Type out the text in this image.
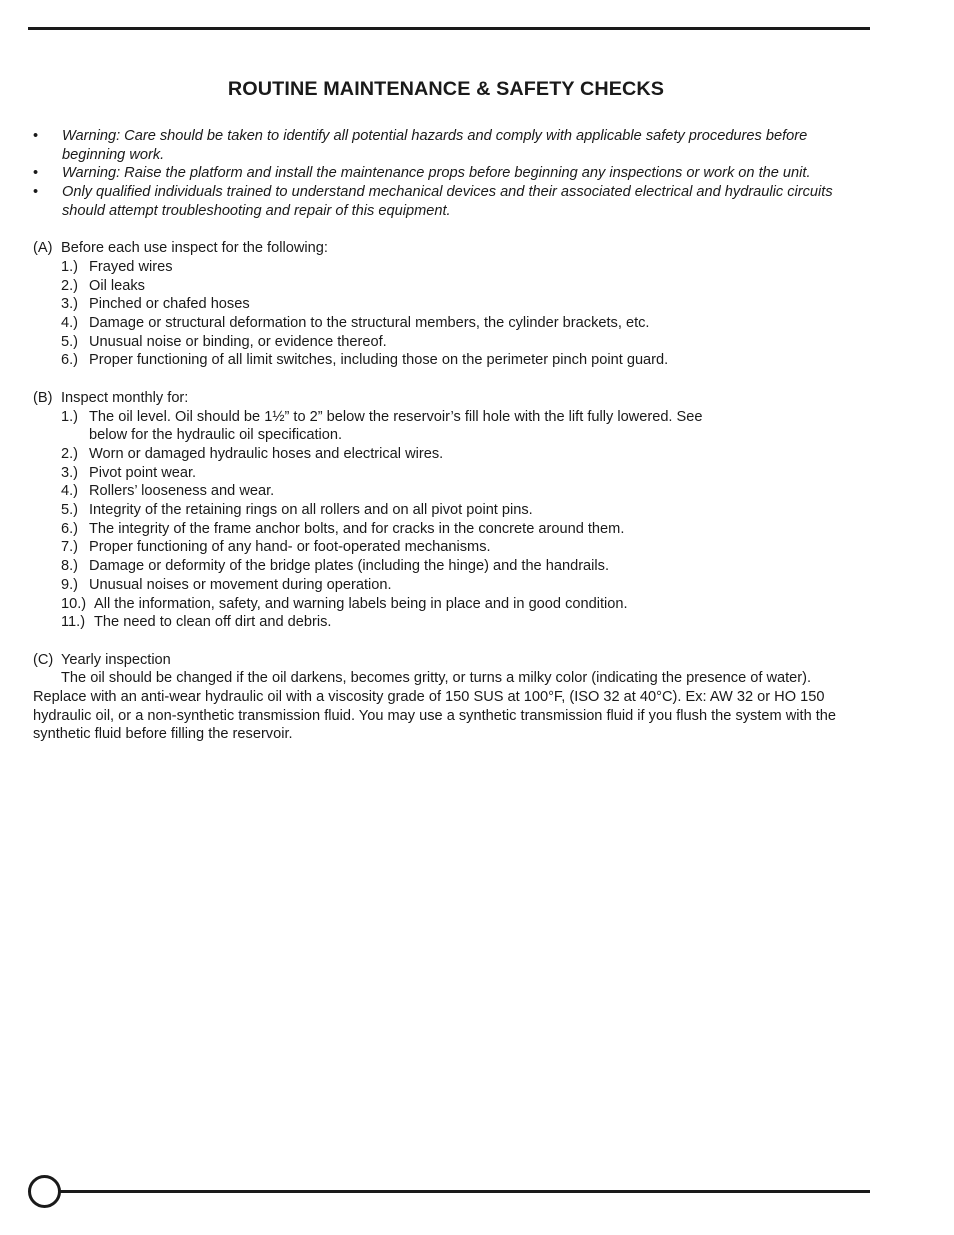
ROUTINE MAINTENANCE & SAFETY CHECKS
• Warning: Care should be taken to identify all potential hazards and comply with applicable safety procedures before beginning work.
• Warning: Raise the platform and install the maintenance props before beginning any inspections or work on the unit.
• Only qualified individuals trained to understand mechanical devices and their associated electrical and hydraulic circuits should attempt troubleshooting and repair of this equipment.
(A) Before each use inspect for the following:
1.) Frayed wires
2.) Oil leaks
3.) Pinched or chafed hoses
4.) Damage or structural deformation to the structural members, the cylinder brackets, etc.
5.) Unusual noise or binding, or evidence thereof.
6.) Proper functioning of all limit switches, including those on the perimeter pinch point guard.
(B) Inspect monthly for:
1.) The oil level. Oil should be 1½” to 2” below the reservoir’s fill hole with the lift fully lowered. See below for the hydraulic oil specification.
2.) Worn or damaged hydraulic hoses and electrical wires.
3.) Pivot point wear.
4.) Rollers’ looseness and wear.
5.) Integrity of the retaining rings on all rollers and on all pivot point pins.
6.) The integrity of the frame anchor bolts, and for cracks in the concrete around them.
7.) Proper functioning of any hand- or foot-operated mechanisms.
8.) Damage or deformity of the bridge plates (including the hinge) and the handrails.
9.) Unusual noises or movement during operation.
10.) All the information, safety, and warning labels being in place and in good condition.
11.) The need to clean off dirt and debris.
(C) Yearly inspection

The oil should be changed if the oil darkens, becomes gritty, or turns a milky color (indicating the presence of water). Replace with an anti-wear hydraulic oil with a viscosity grade of 150 SUS at 100°F, (ISO 32 at 40°C). Ex: AW 32 or HO 150 hydraulic oil, or a non-synthetic transmission fluid. You may use a synthetic transmission fluid if you flush the system with the synthetic fluid before filling the reservoir.
